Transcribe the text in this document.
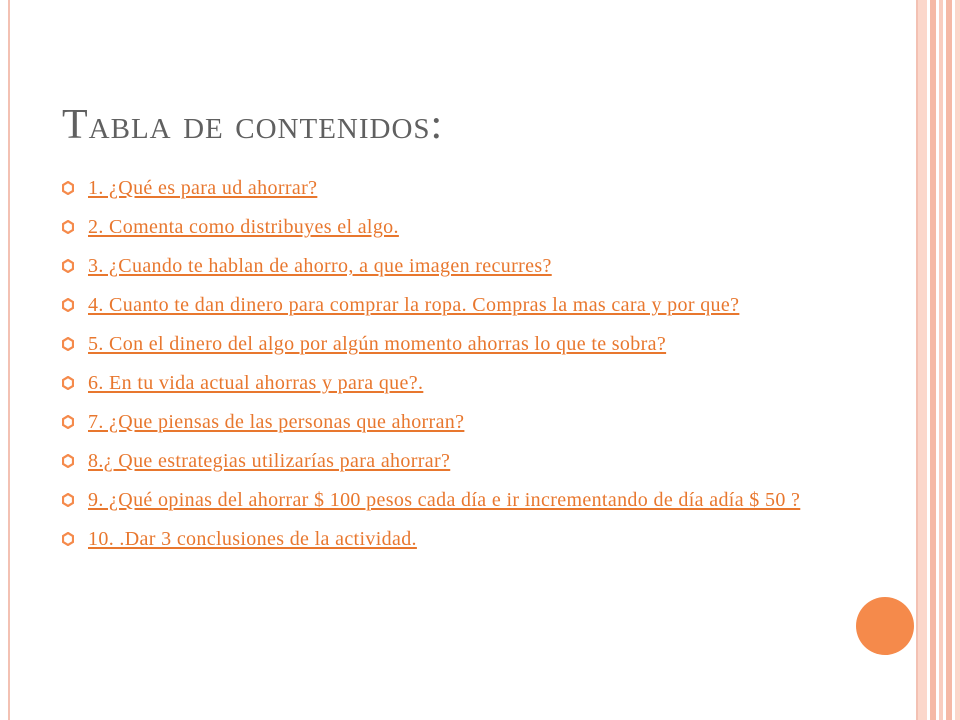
Tabla de contenidos:
1. ¿Qué es para ud ahorrar?
2. Comenta como distribuyes el algo.
3. ¿Cuando te hablan de ahorro, a que imagen recurres?
4. Cuanto te dan dinero para comprar la ropa. Compras la mas cara y por que?
5. Con el dinero del algo por algún momento ahorras lo que te sobra?
6. En tu vida actual ahorras y para que?.
7. ¿Que piensas de las personas que ahorran?
8.¿ Que estrategias utilizarías para ahorrar?
9. ¿Qué opinas del ahorrar $ 100 pesos cada día e ir incrementando de día adía $ 50 ?
10. .Dar 3 conclusiones de la actividad.
